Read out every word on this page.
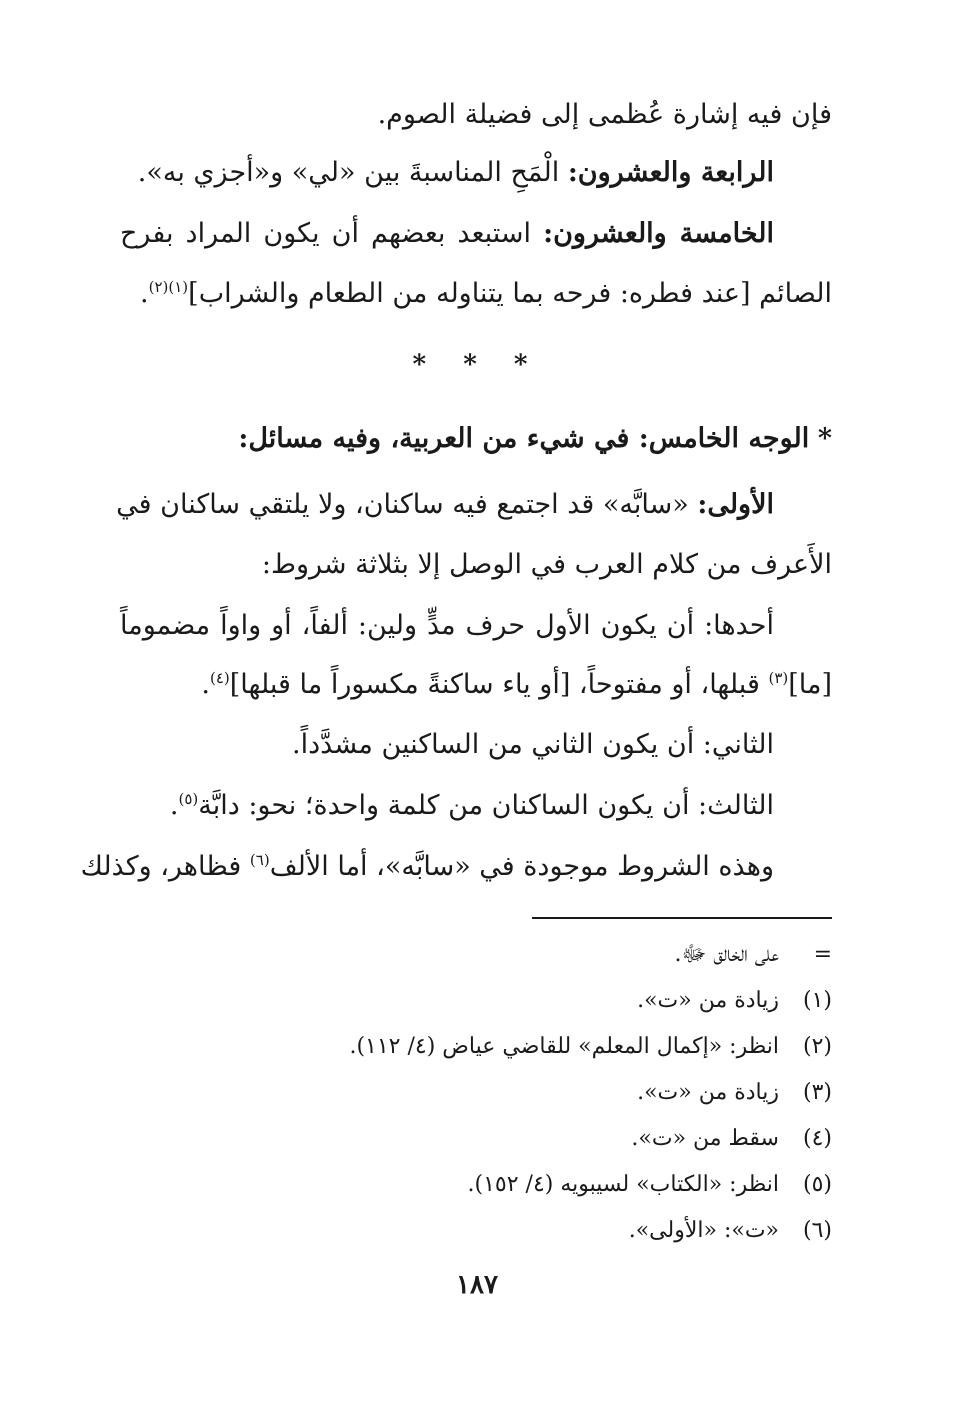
فإن فيه إشارة عُظمى إلى فضيلة الصوم.
الرابعة والعشرون: الْمَحِ المناسبةَ بين «لي» و«أجزي به».
الخامسة والعشرون: استبعد بعضهم أن يكون المراد بفرح
الصائم [عند فطره: فرحه بما يتناوله من الطعام والشراب]$^{(١)(٢)}$.
* * *
* الوجه الخامس: في شيء من العربية، وفيه مسائل:
الأولى: «سابَّه» قد اجتمع فيه ساكنان، ولا يلتقي ساكنان في
الأَعرف من كلام العرب في الوصل إلا بثلاثة شروط:
أحدها: أن يكون الأول حرف مدٍّ ولين: ألفاً، أو واواً مضموماً
[ما]$^{(٣)}$ قبلها، أو مفتوحاً، [أو ياء ساكنةً مكسوراً ما قبلها]$^{(٤)}$.
الثاني: أن يكون الثاني من الساكنين مشدَّداً.
الثالث: أن يكون الساكنان من كلمة واحدة؛ نحو: دابَّة$^{(٥)}$.
وهذه الشروط موجودة في «سابَّه»، أما الألف$^{(٦)}$ فظاهر، وكذلك
= على الخالق ﷻ.
(١) زيادة من «ت».
(٢) انظر: «إكمال المعلم» للقاضي عياض (٤/ ١١٢).
(٣) زيادة من «ت».
(٤) سقط من «ت».
(٥) انظر: «الكتاب» لسيبويه (٤/ ١٥٢).
(٦) «ت»: «الأولى».
١٨٧
